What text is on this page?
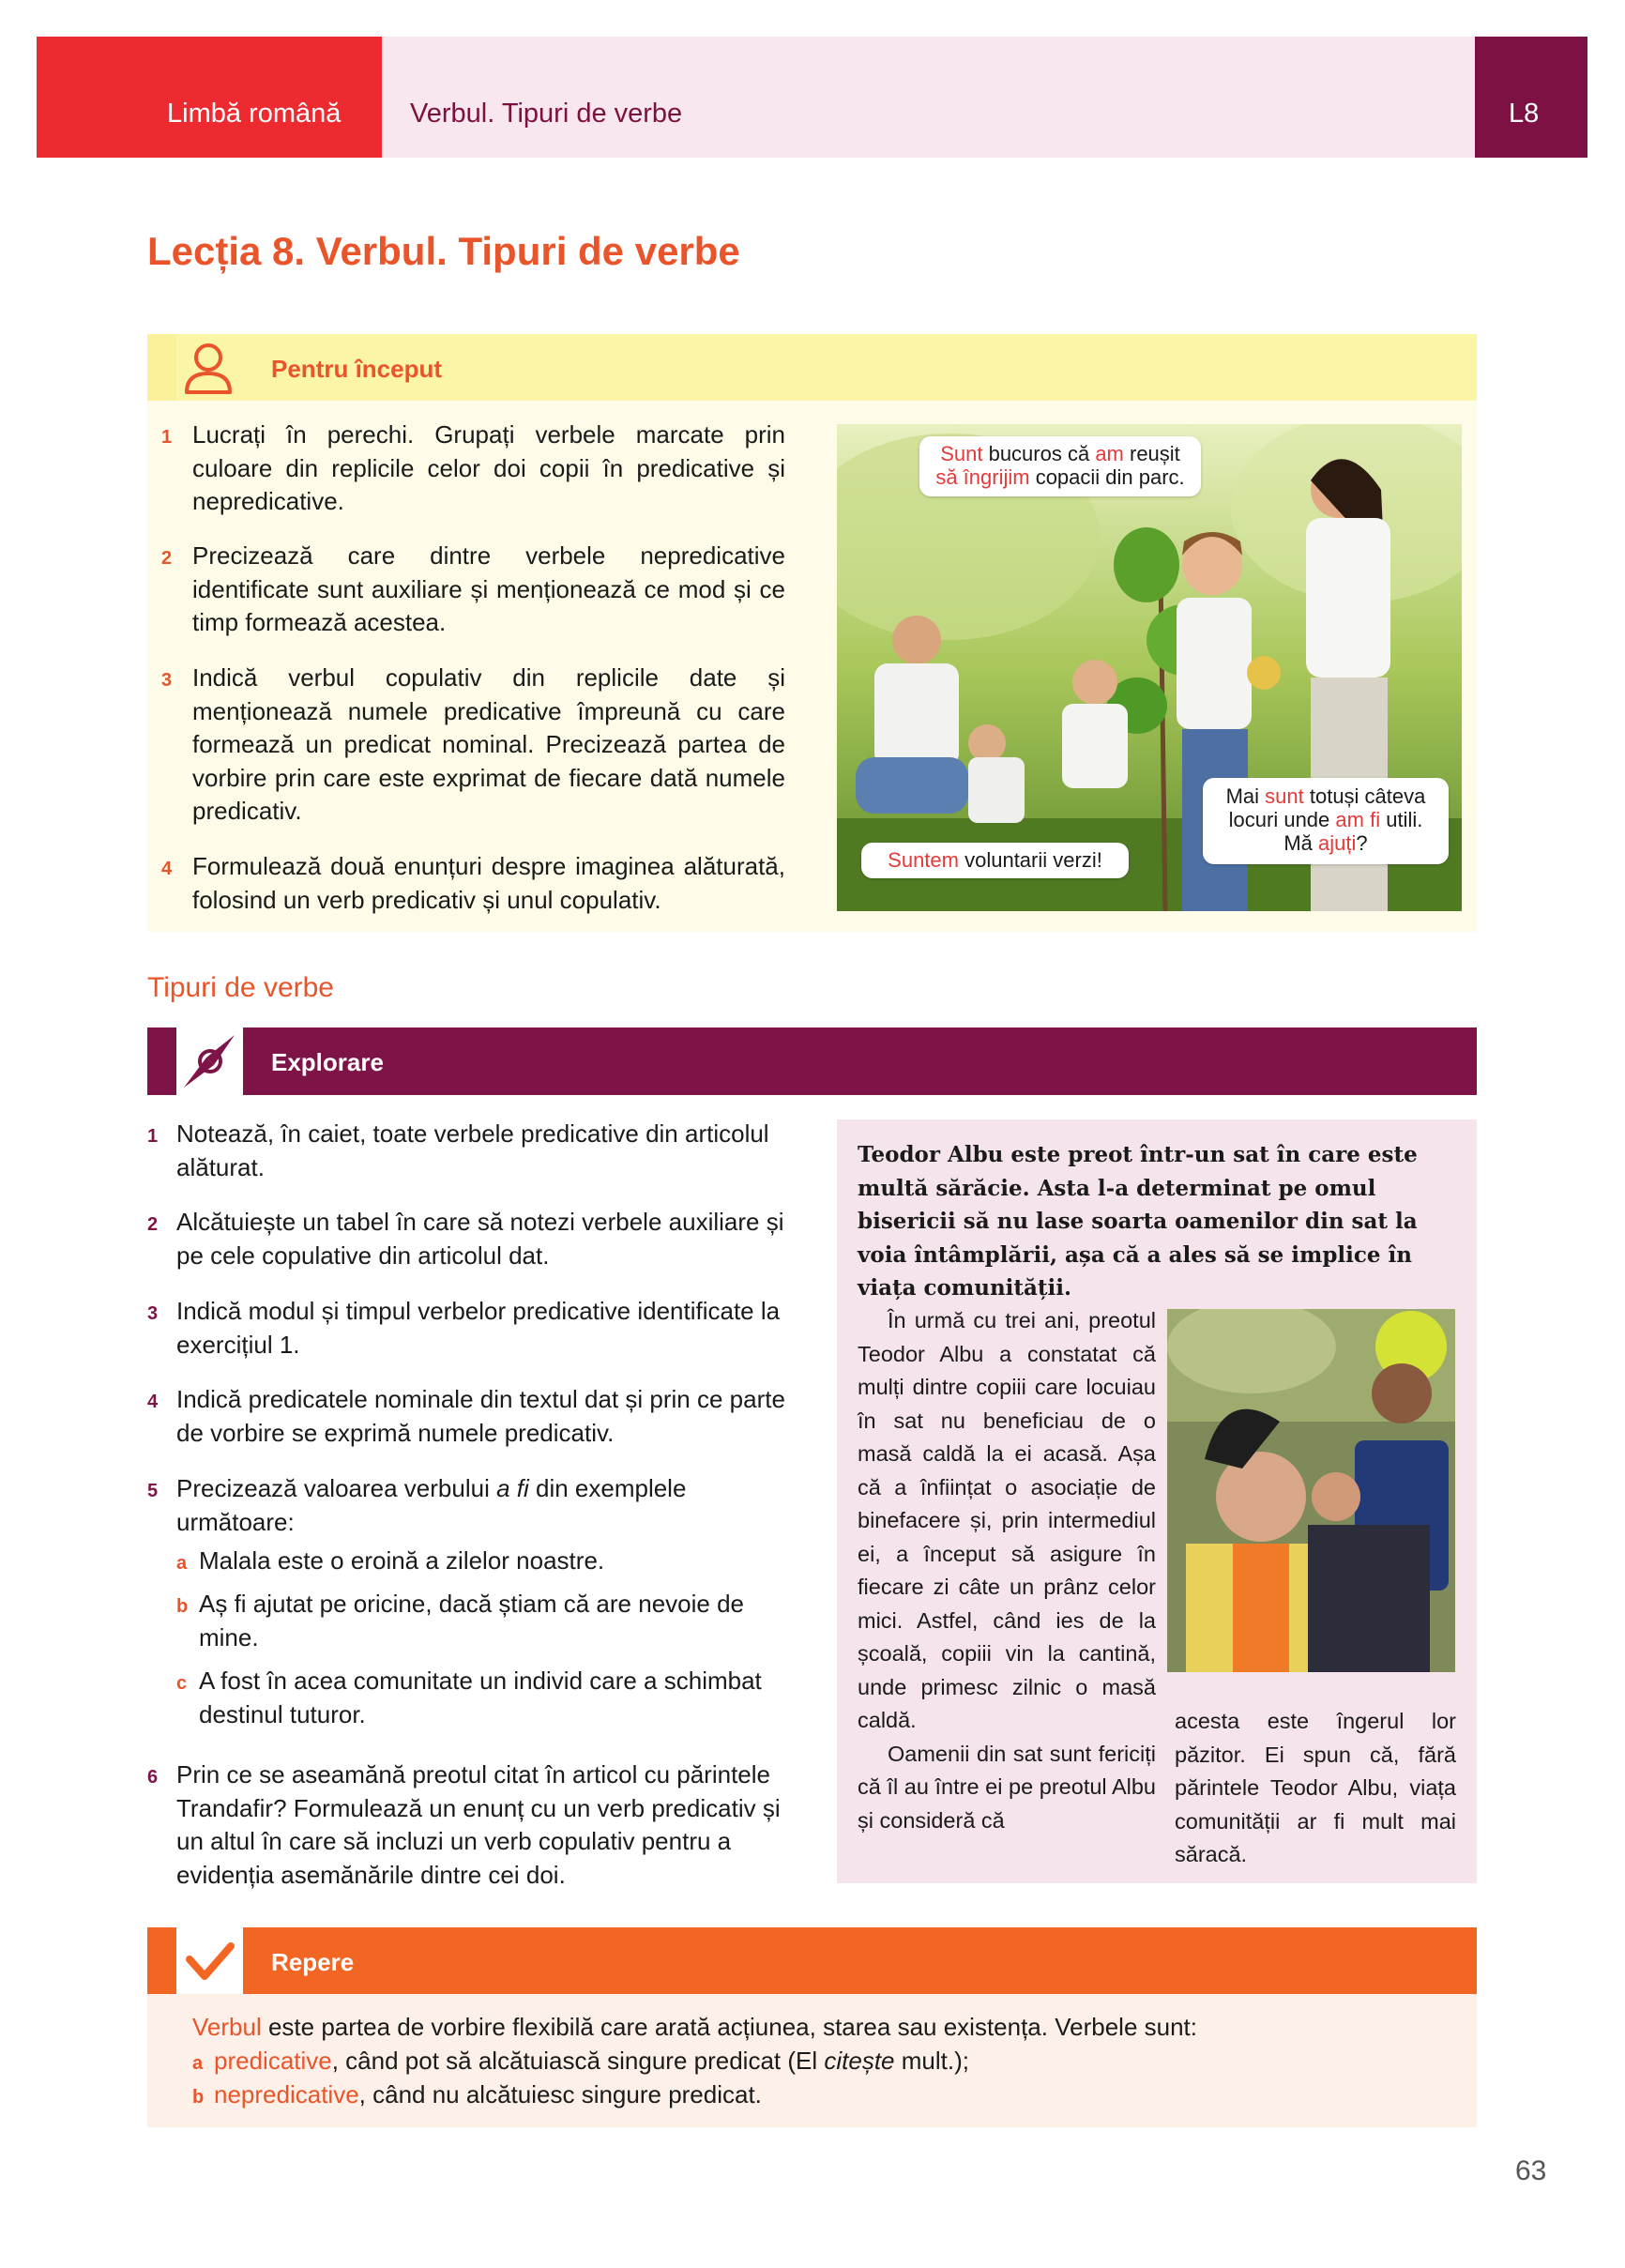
Limbă română	Verbul. Tipuri de verbe	L8
Lecția 8. Verbul. Tipuri de verbe
Pentru început
1 Lucrați în perechi. Grupați verbele marcate prin culoare din replicile celor doi copii în predicative și nepredicative.
2 Precizează care dintre verbele nepredicative identificate sunt auxiliare și menționează ce mod și ce timp formează acestea.
3 Indică verbul copulativ din replicile date și menționează numele predicative împreună cu care formează un predicat nominal. Precizează partea de vorbire prin care este exprimat de fiecare dată numele predicativ.
4 Formulează două enunțuri despre imaginea alăturată, folosind un verb predicativ și unul copulativ.
Sunt bucuros că am reușit
să îngrijim copacii din parc.
Suntem voluntarii verzi!
Mai sunt totuși câteva
locuri unde am fi utili.
Mă ajuți?
Tipuri de verbe
Explorare
1 Notează, în caiet, toate verbele predicative din articolul alăturat.
2 Alcătuiește un tabel în care să notezi verbele auxiliare și pe cele copulative din articolul dat.
3 Indică modul și timpul verbelor predicative identificate la exercițiul 1.
4 Indică predicatele nominale din textul dat și prin ce parte de vorbire se exprimă numele predicativ.
5 Precizează valoarea verbului a fi din exemplele următoare:
a Malala este o eroină a zilelor noastre.
b Aș fi ajutat pe oricine, dacă știam că are nevoie de mine.
c A fost în acea comunitate un individ care a schimbat destinul tuturor.
6 Prin ce se aseamănă preotul citat în articol cu părintele Trandafir? Formulează un enunț cu un verb predicativ și un altul în care să incluzi un verb copulativ pentru a evidenția asemănările dintre cei doi.
Teodor Albu este preot într-un sat în care este multă sărăcie. Asta l-a determinat pe omul bisericii să nu lase soarta oamenilor din sat la voia întâmplării, așa că a ales să se implice în viața comunității.
În urmă cu trei ani, preotul Teodor Albu a constatat că mulți dintre copiii care locuiau în sat nu beneficiau de o masă caldă la ei acasă. Așa că a înființat o asociație de binefacere și, prin intermediul ei, a început să asigure în fiecare zi câte un prânz celor mici. Astfel, când ies de la școală, copiii vin la cantină, unde primesc zilnic o masă caldă.
Oamenii din sat sunt fericiți că îl au între ei pe preotul Albu și consideră că
acesta este îngerul lor păzitor. Ei spun că, fără părintele Teodor Albu, viața comunității ar fi mult mai săracă.
Repere
Verbul este partea de vorbire flexibilă care arată acțiunea, starea sau existența. Verbele sunt:
a predicative, când pot să alcătuiască singure predicat (El citește mult.);
b nepredicative, când nu alcătuiesc singure predicat.
63
